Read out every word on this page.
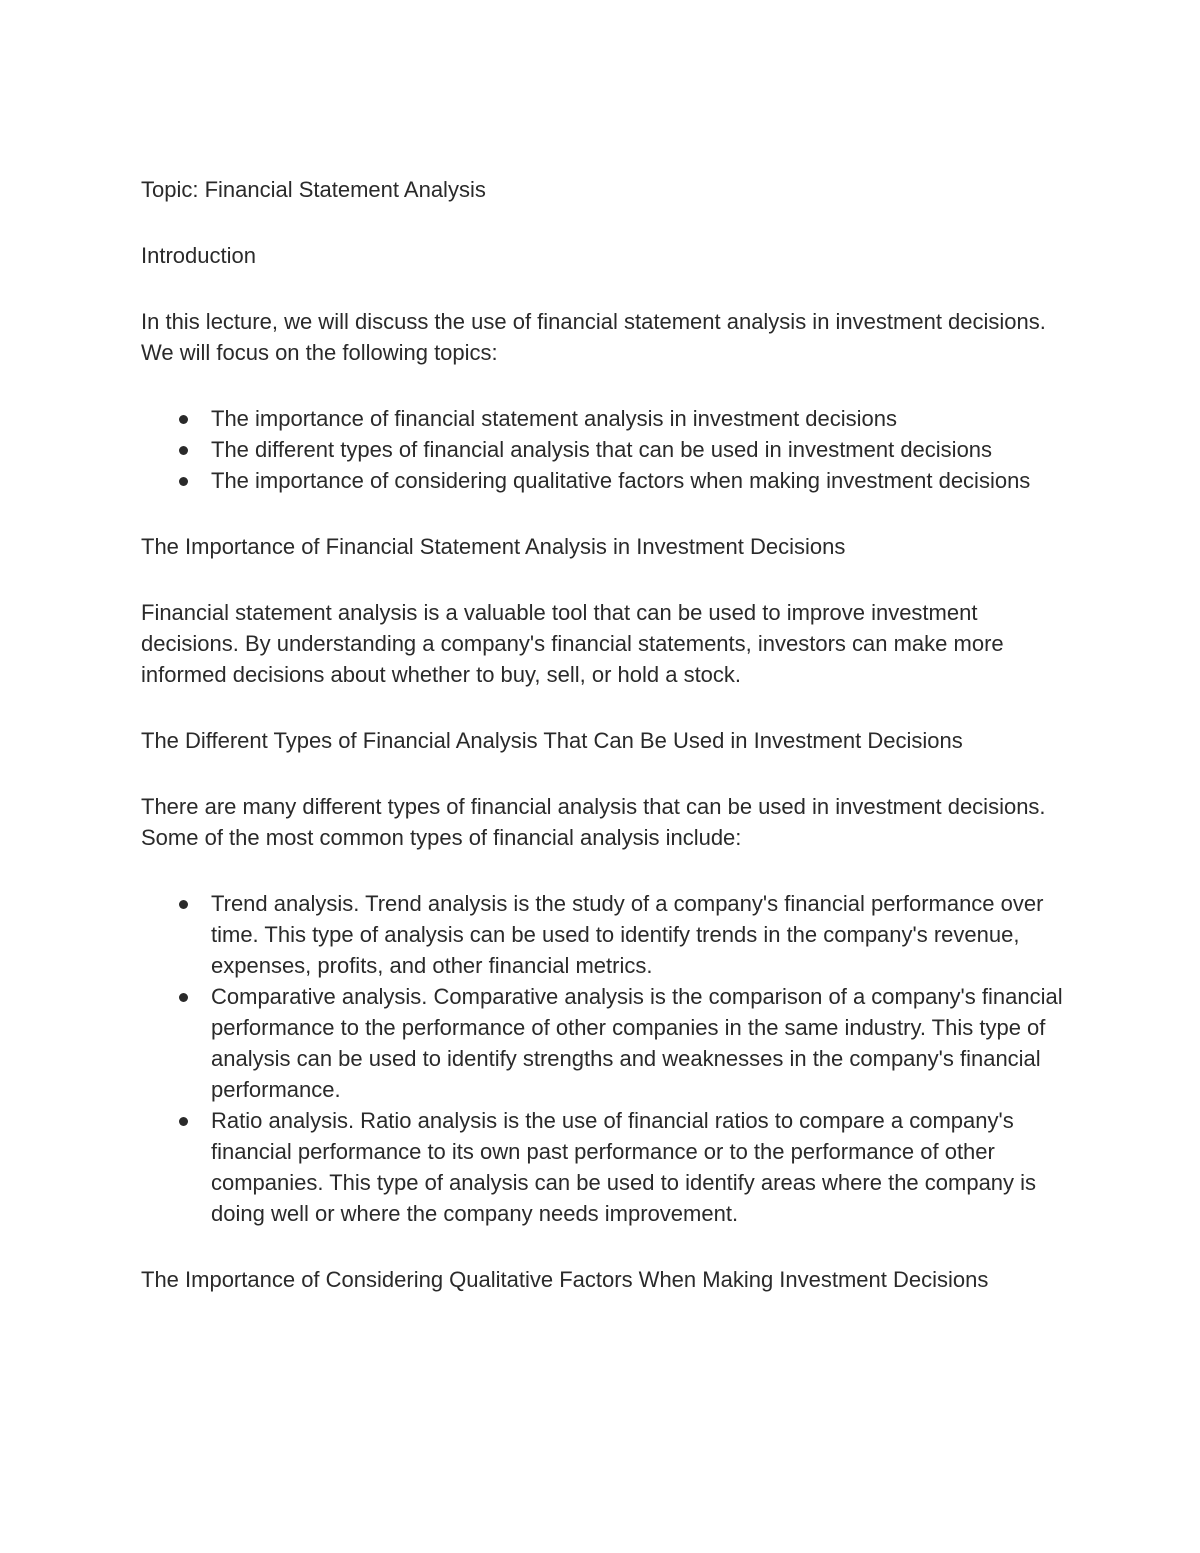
Topic: Financial Statement Analysis

Introduction

In this lecture, we will discuss the use of financial statement analysis in investment decisions. We will focus on the following topics:

The importance of financial statement analysis in investment decisions
The different types of financial analysis that can be used in investment decisions
The importance of considering qualitative factors when making investment decisions

The Importance of Financial Statement Analysis in Investment Decisions

Financial statement analysis is a valuable tool that can be used to improve investment decisions. By understanding a company's financial statements, investors can make more informed decisions about whether to buy, sell, or hold a stock.

The Different Types of Financial Analysis That Can Be Used in Investment Decisions

There are many different types of financial analysis that can be used in investment decisions. Some of the most common types of financial analysis include:

Trend analysis. Trend analysis is the study of a company's financial performance over time. This type of analysis can be used to identify trends in the company's revenue, expenses, profits, and other financial metrics.
Comparative analysis. Comparative analysis is the comparison of a company's financial performance to the performance of other companies in the same industry. This type of analysis can be used to identify strengths and weaknesses in the company's financial performance.
Ratio analysis. Ratio analysis is the use of financial ratios to compare a company's financial performance to its own past performance or to the performance of other companies. This type of analysis can be used to identify areas where the company is doing well or where the company needs improvement.

The Importance of Considering Qualitative Factors When Making Investment Decisions
